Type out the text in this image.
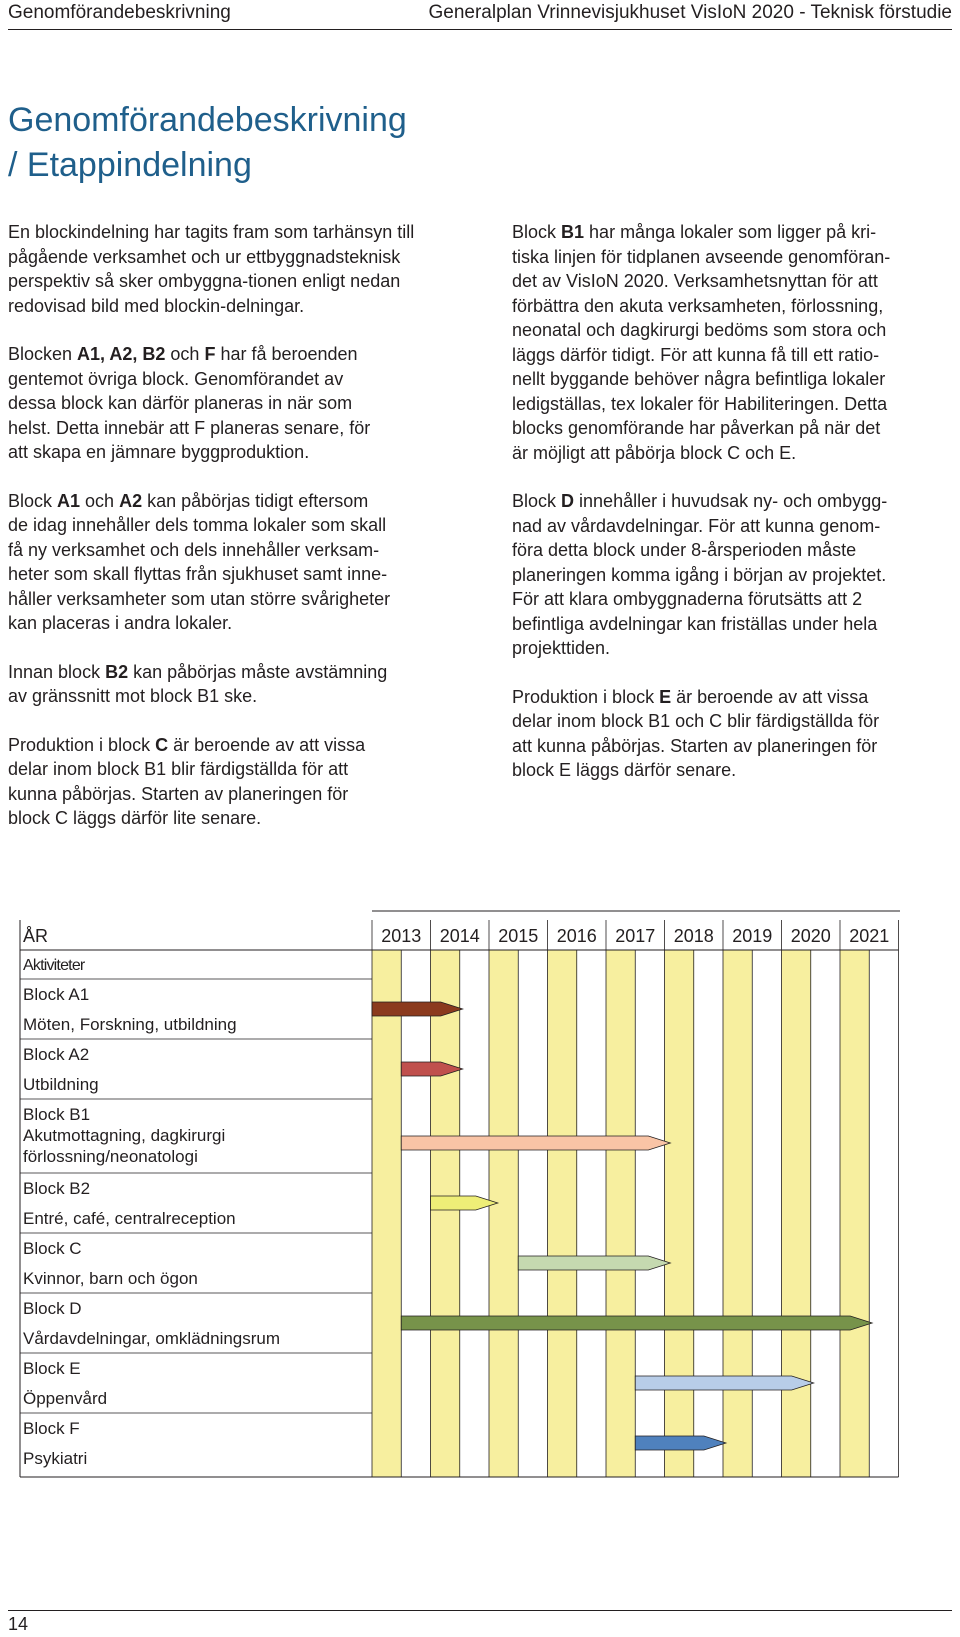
Genomförandebeskrivning	Generalplan Vrinnevisjukhuset VisIoN 2020 - Teknisk förstudie
Genomförandebeskrivning
/ Etappindelning

En blockindelning har tagits fram som tarhänsyn till pågående verksamhet och ur ettbyggnadsteknisk perspektiv så sker ombyggna-tionen enligt nedan redovisad bild med blockin-delningar.

Blocken A1, A2, B2 och F har få beroenden
gentemot övriga block. Genomförandet av
dessa block kan därför planeras in när som
helst. Detta innebär att F planeras senare, för
att skapa en jämnare byggproduktion.

Block A1 och A2 kan påbörjas tidigt eftersom
de idag innehåller dels tomma lokaler som skall
få ny verksamhet och dels innehåller verksam-
heter som skall flyttas från sjukhuset samt inne-
håller verksamheter som utan större svårigheter
kan placeras i andra lokaler.

Innan block B2 kan påbörjas måste avstämning
av gränssnitt mot block B1 ske.

Produktion i block C är beroende av att vissa
delar inom block B1 blir färdigställda för att
kunna påbörjas. Starten av planeringen för
block C läggs därför lite senare.

Block B1 har många lokaler som ligger på kri-
tiska linjen för tidplanen avseende genomföran-
det av VisIoN 2020. Verksamhetsnyttan för att
förbättra den akuta verksamheten, förlossning,
neonatal och dagkirurgi bedöms som stora och
läggs därför tidigt. För att kunna få till ett ratio-
nellt byggande behöver några befintliga lokaler
ledigställas, tex lokaler för Habiliteringen. Detta
blocks genomförande har påverkan på när det
är möjligt att påbörja block C och E.

Block D innehåller i huvudsak ny- och ombygg-
nad av vårdavdelningar. För att kunna genom-
föra detta block under 8-årsperioden måste
planeringen komma igång i början av projektet.
För att klara ombyggnaderna förutsätts att 2
befintliga avdelningar kan friställas under hela
projekttiden.

Produktion i block E är beroende av att vissa
delar inom block B1 och C blir färdigställda för
att kunna påbörjas. Starten av planeringen för
block E läggs därför senare.

ÅR	2013 2014 2015 2016 2017 2018 2019 2020 2021
Aktiviteter
Block A1
Möten, Forskning, utbildning
Block A2
Utbildning
Block B1
Akutmottagning, dagkirurgi
förlossning/neonatologi
Block B2
Entré, café, centralreception
Block C
Kvinnor, barn och ögon
Block D
Vårdavdelningar, omklädningsrum
Block E
Öppenvård
Block F
Psykiatri
14
